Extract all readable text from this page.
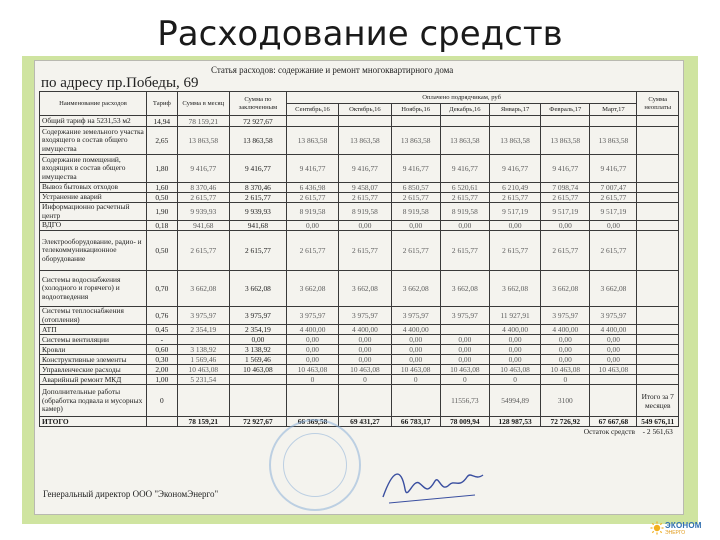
Расходование средств
по адресу пр.Победы, 69
Статья расходов: содержание и ремонт многоквартирного дома
Наименование расходов	Тариф	Сумма в месяц	Сумма по заключенным	Оплачено подрядчикам, руб							Сумма неоплаты
				Сентябрь,16	Октябрь,16	Ноябрь,16	Декабрь,16	Январь,17	Февраль,17	Март,17	
Общий тариф на 5231,53 м2	14,94	78 159,21	72 927,67								
Содержание земельного участка входящего в состав общего имущества	2,65	13 863,58	13 863,58	13 863,58	13 863,58	13 863,58	13 863,58	13 863,58	13 863,58	13 863,58	
Содержание помещений, входящих в состав общего имущества	1,80	9 416,77	9 416,77	9 416,77	9 416,77	9 416,77	9 416,77	9 416,77	9 416,77	9 416,77	
Вывоз бытовых отходов	1,60	8 370,46	8 370,46	6 436,98	9 458,07	6 850,57	6 520,61	6 210,49	7 098,74	7 007,47	
Устранение аварий	0,50	2 615,77	2 615,77	2 615,77	2 615,77	2 615,77	2 615,77	2 615,77	2 615,77	2 615,77	
Информационно расчетный центр	1,90	9 939,93	9 939,93	8 919,58	8 919,58	8 919,58	8 919,58	9 517,19	9 517,19	9 517,19	
ВДГО	0,18	941,68	941,68	0,00	0,00	0,00	0,00	0,00	0,00	0,00	
Электрооборудование, радио- и телекоммуникационное оборудование	0,50	2 615,77	2 615,77	2 615,77	2 615,77	2 615,77	2 615,77	2 615,77	2 615,77	2 615,77	
Системы водоснабжения (холодного и горячего) и водоотведения	0,70	3 662,08	3 662,08	3 662,08	3 662,08	3 662,08	3 662,08	3 662,08	3 662,08	3 662,08	
Системы теплоснабжения (отопления)	0,76	3 975,97	3 975,97	3 975,97	3 975,97	3 975,97	3 975,97	11 927,91	3 975,97	3 975,97	
АТП	0,45	2 354,19	2 354,19	4 400,00	4 400,00	4 400,00		4 400,00	4 400,00	4 400,00	
Системы вентиляции	-		0,00	0,00	0,00	0,00	0,00	0,00	0,00	0,00	
Кровли	0,60	3 138,92	3 138,92	0,00	0,00	0,00	0,00	0,00	0,00	0,00	
Конструктивные элементы	0,30	1 569,46	1 569,46	0,00	0,00	0,00	0,00	0,00	0,00	0,00	
Управленческие расходы	2,00	10 463,08	10 463,08	10 463,08	10 463,08	10 463,08	10 463,08	10 463,08	10 463,08	10 463,08	
Аварийный ремонт МКД	1,00	5 231,54		0	0	0	0	0	0		
Дополнительные работы (обработка подвала и мусорных камер)	0						11556,73	54994,89	3100		Итого за 7 месяцев
ИТОГО		78 159,21	72 927,67	66 369,58	69 431,27	66 783,17	78 009,94	128 987,53	72 726,92	67 667,68	549 676,11
									Остаток средств		- 2 561,63
Генеральный директор ООО "ЭкономЭнерго"
ЭКОНОМ
ЭНЕРГО
